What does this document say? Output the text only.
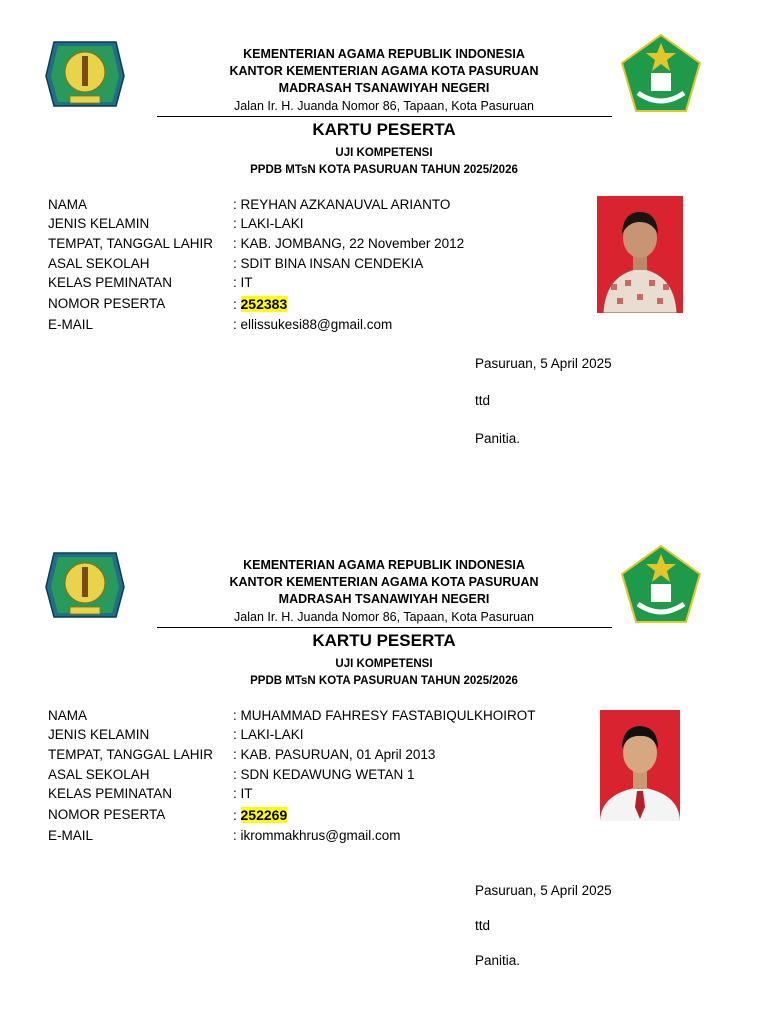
KEMENTERIAN AGAMA REPUBLIK INDONESIA
KANTOR KEMENTERIAN AGAMA KOTA PASURUAN
MADRASAH TSANAWIYAH NEGERI
Jalan Ir. H. Juanda Nomor 86, Tapaan, Kota Pasuruan
KARTU PESERTA
UJI KOMPETENSI
PPDB MTsN KOTA PASURUAN TAHUN 2025/2026
NAMA	: REYHAN AZKANAUVAL ARIANTO
JENIS KELAMIN	: LAKI-LAKI
TEMPAT, TANGGAL LAHIR : KAB. JOMBANG, 22 November 2012
ASAL SEKOLAH	: SDIT BINA INSAN CENDEKIA
KELAS PEMINATAN	: IT
NOMOR PESERTA	: 252383
E-MAIL	: ellissukesi88@gmail.com
Pasuruan, 5 April 2025
ttd
Panitia.
KEMENTERIAN AGAMA REPUBLIK INDONESIA
KANTOR KEMENTERIAN AGAMA KOTA PASURUAN
MADRASAH TSANAWIYAH NEGERI
Jalan Ir. H. Juanda Nomor 86, Tapaan, Kota Pasuruan
KARTU PESERTA
UJI KOMPETENSI
PPDB MTsN KOTA PASURUAN TAHUN 2025/2026
NAMA	: MUHAMMAD FAHRESY FASTABIQULKHOIROT
JENIS KELAMIN	: LAKI-LAKI
TEMPAT, TANGGAL LAHIR : KAB. PASURUAN, 01 April 2013
ASAL SEKOLAH	: SDN KEDAWUNG WETAN 1
KELAS PEMINATAN	: IT
NOMOR PESERTA	: 252269
E-MAIL	: ikrommakhrus@gmail.com
Pasuruan, 5 April 2025
ttd
Panitia.
